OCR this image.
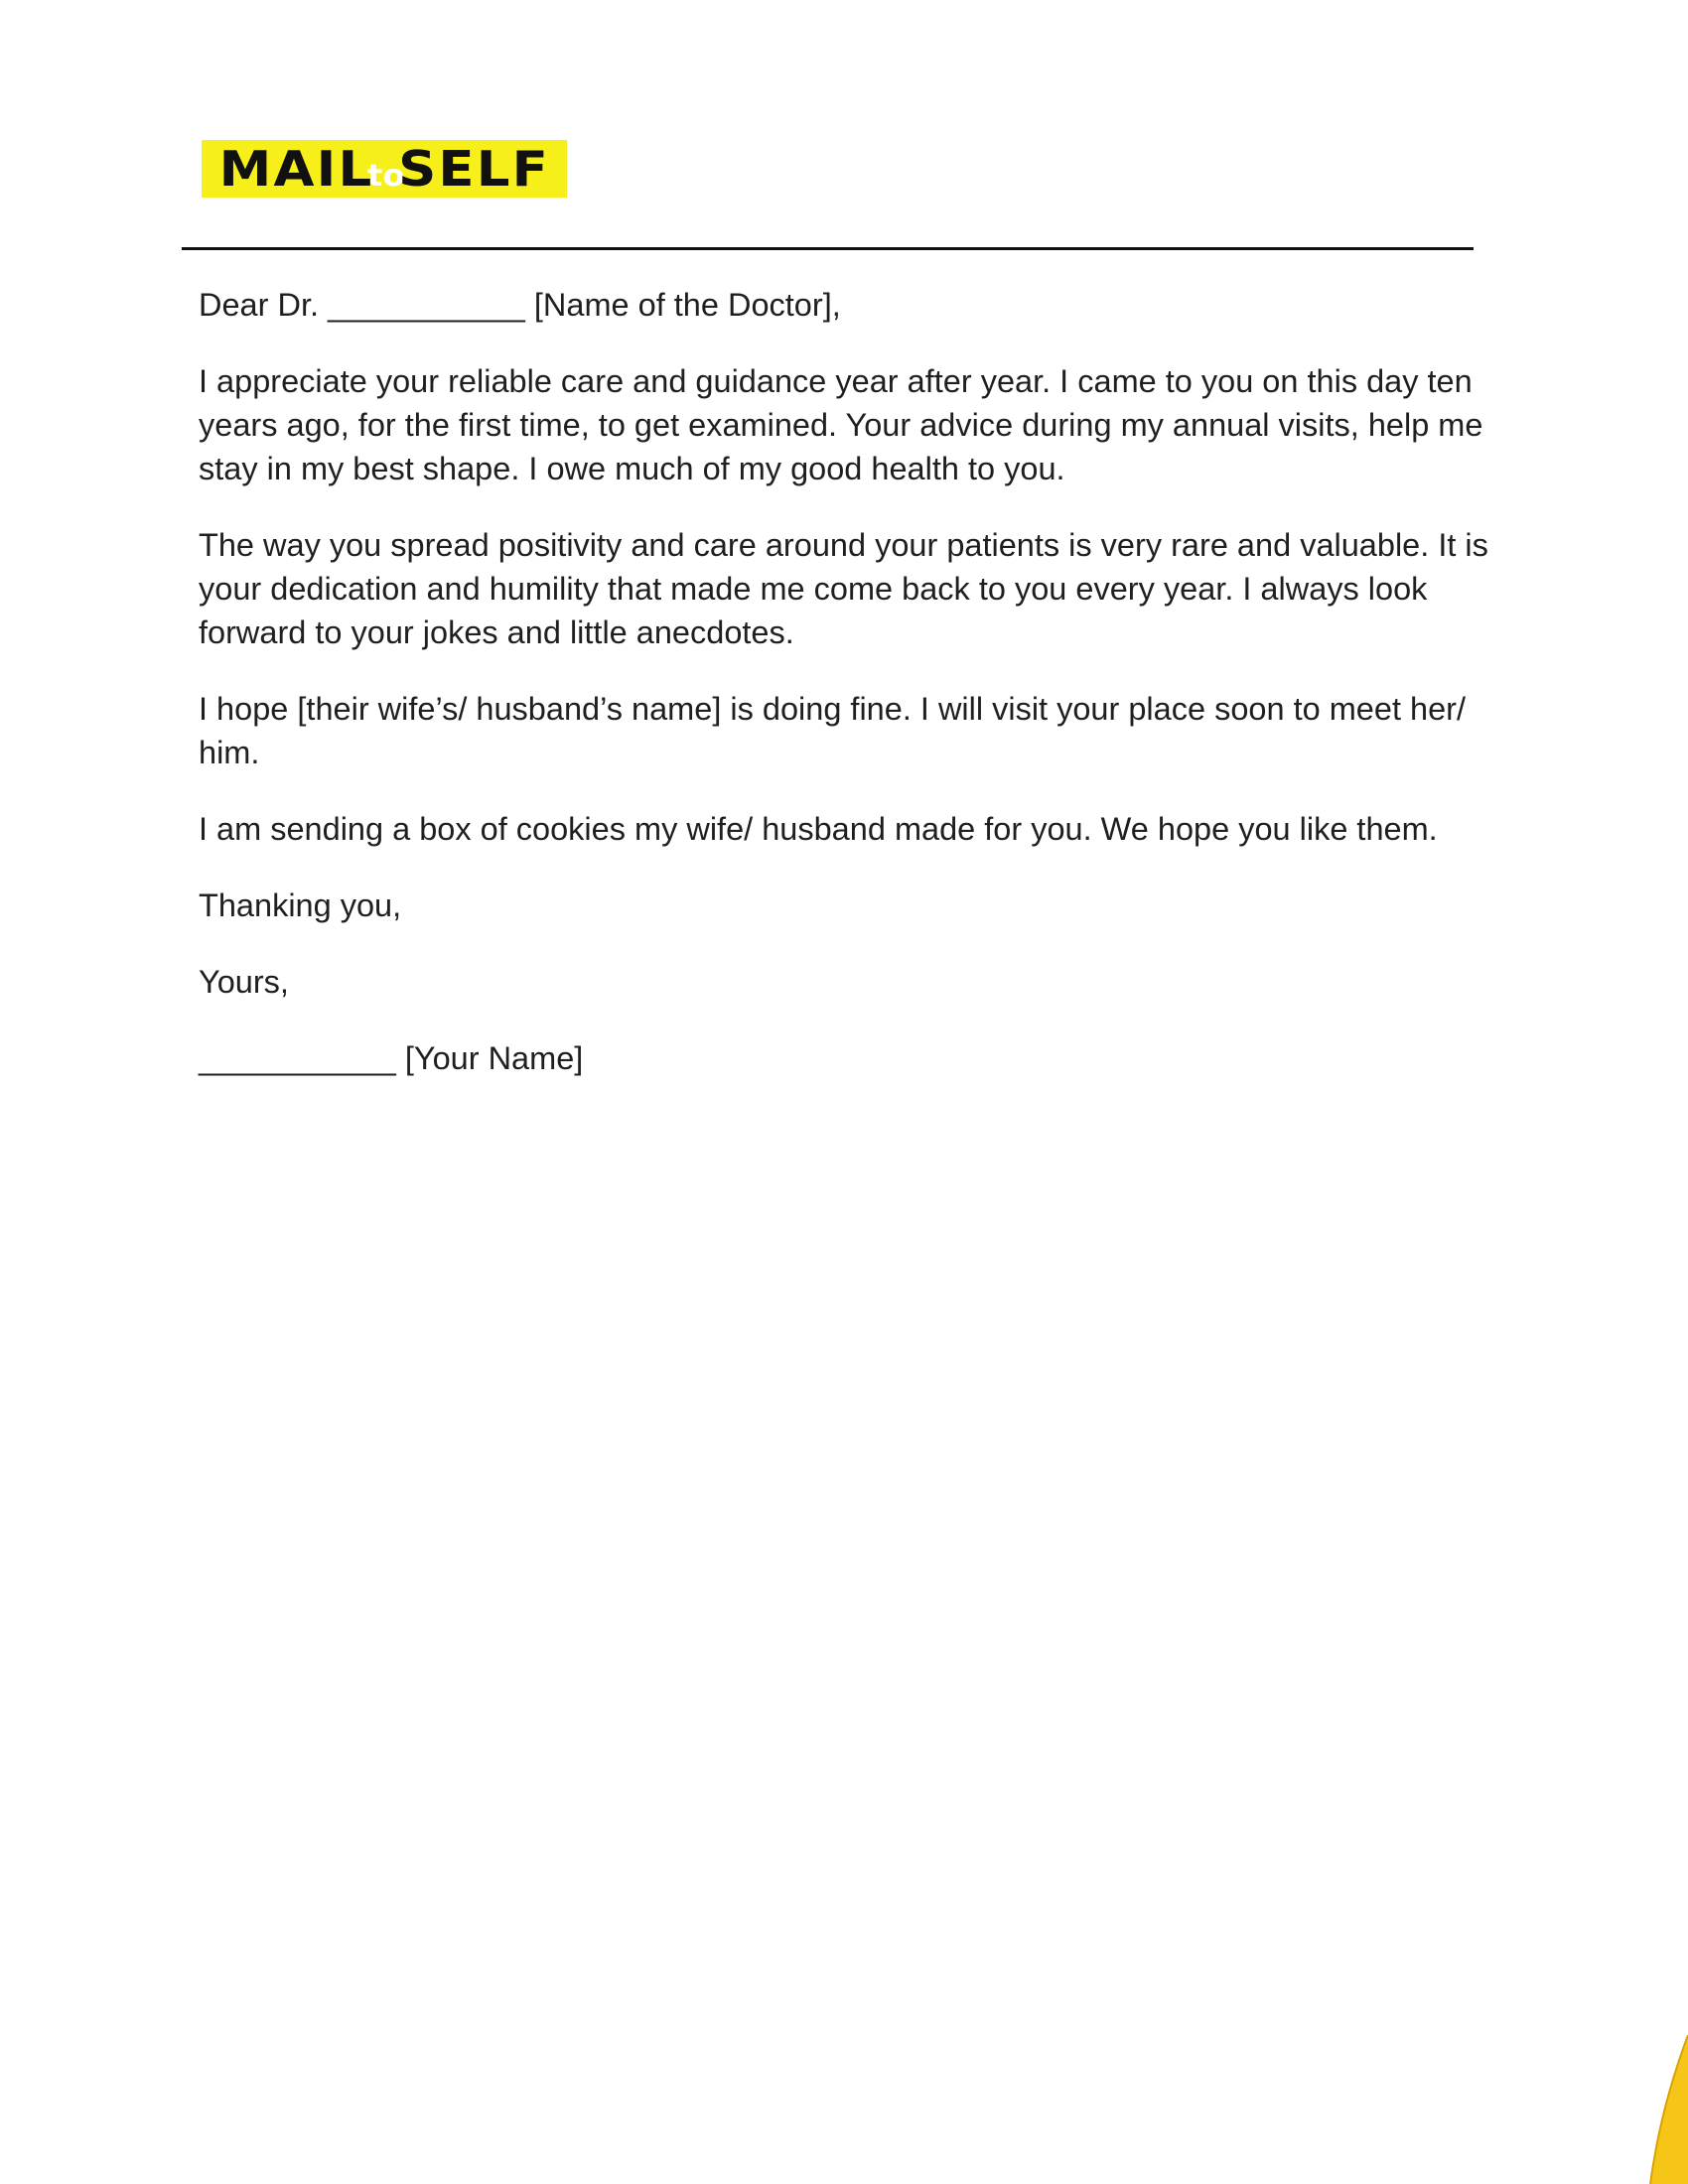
MAILtoSELF

Dear Dr. ___________ [Name of the Doctor],

I appreciate your reliable care and guidance year after year. I came to you on this day ten years ago, for the first time, to get examined. Your advice during my annual visits, help me stay in my best shape. I owe much of my good health to you.

The way you spread positivity and care around your patients is very rare and valuable. It is your dedication and humility that made me come back to you every year. I always look forward to your jokes and little anecdotes.

I hope [their wife’s/ husband’s name] is doing fine. I will visit your place soon to meet her/ him.

I am sending a box of cookies my wife/ husband made for you. We hope you like them.

Thanking you,

Yours,

___________ [Your Name]
